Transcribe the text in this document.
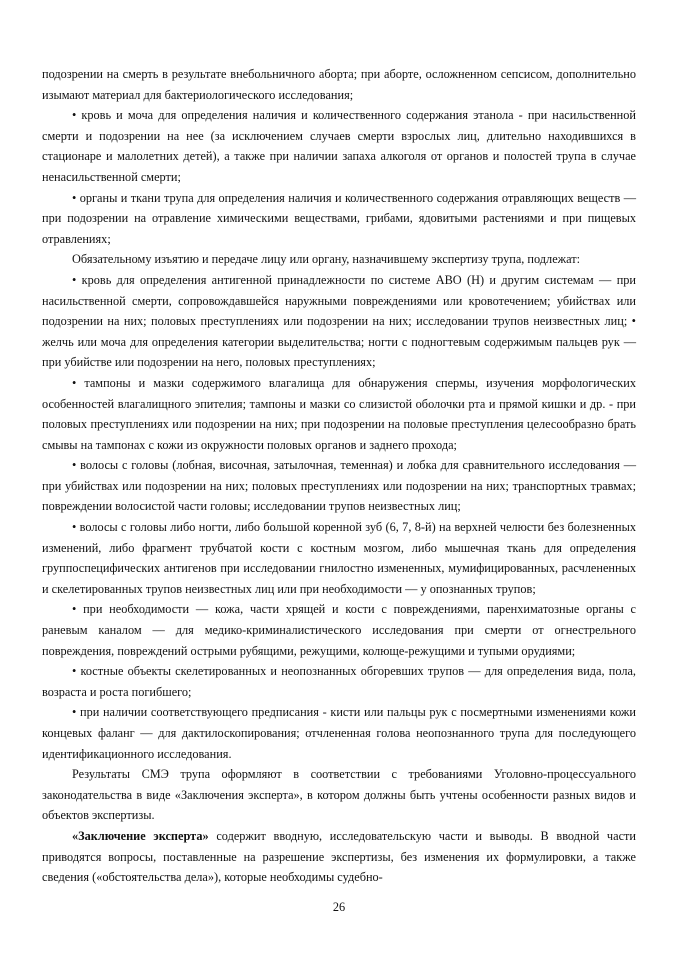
подозрении на смерть в результате внебольничного аборта; при аборте, осложненном сепсисом, дополнительно изымают материал для бактериологического исследования;

• кровь и моча для определения наличия и количественного содержания этанола - при насильственной смерти и подозрении на нее (за исключением случаев смерти взрослых лиц, длительно находившихся в стационаре и малолетних детей), а также при наличии запаха алкоголя от органов и полостей трупа в случае ненасильственной смерти;

• органы и ткани трупа для определения наличия и количественного содержания отравляющих веществ — при подозрении на отравление химическими веществами, грибами, ядовитыми растениями и при пищевых отравлениях;

Обязательному изъятию и передаче лицу или органу, назначившему экспертизу трупа, подлежат:

• кровь для определения антигенной принадлежности по системе АВО (Н) и другим системам — при насильственной смерти, сопровождавшейся наружными повреждениями или кровотечением; убийствах или подозрении на них; половых преступлениях или подозрении на них; исследовании трупов неизвестных лиц; • желчь или моча для определения категории выделительства; ногти с подногтевым содержимым пальцев рук — при убийстве или подозрении на него, половых преступлениях;

• тампоны и мазки содержимого влагалища для обнаружения спермы, изучения морфологических особенностей влагалищного эпителия; тампоны и мазки со слизистой оболочки рта и прямой кишки и др. - при половых преступлениях или подозрении на них; при подозрении на половые преступления целесообразно брать смывы на тампонах с кожи из окружности половых органов и заднего прохода;

• волосы с головы (лобная, височная, затылочная, теменная) и лобка для сравнительного исследования — при убийствах или подозрении на них; половых преступлениях или подозрении на них; транспортных травмах; повреждении волосистой части головы; исследовании трупов неизвестных лиц;

• волосы с головы либо ногти, либо большой коренной зуб (6, 7, 8-й) на верхней челюсти без болезненных изменений, либо фрагмент трубчатой кости с костным мозгом, либо мышечная ткань для определения группоспецифических антигенов при исследовании гнилостно измененных, мумифицированных, расчлененных и скелетированных трупов неизвестных лиц или при необходимости — у опознанных трупов;

• при необходимости — кожа, части хрящей и кости с повреждениями, паренхиматозные органы с раневым каналом — для медико-криминалистического исследования при смерти от огнестрельного повреждения, повреждений острыми рубящими, режущими, колюще-режущими и тупыми орудиями;

• костные объекты скелетированных и неопознанных обгоревших трупов — для определения вида, пола, возраста и роста погибшего;

• при наличии соответствующего предписания - кисти или пальцы рук с посмертными изменениями кожи концевых фаланг — для дактилоскопирования; отчлененная голова неопознанного трупа для последующего идентификационного исследования.

Результаты СМЭ трупа оформляют в соответствии с требованиями Уголовно-процессуального законодательства в виде «Заключения эксперта», в котором должны быть учтены особенности разных видов и объектов экспертизы.

«Заключение эксперта» содержит вводную, исследовательскую части и выводы. В вводной части приводятся вопросы, поставленные на разрешение экспертизы, без изменения их формулировки, а также сведения («обстоятельства дела»), которые необходимы судебно-

26
